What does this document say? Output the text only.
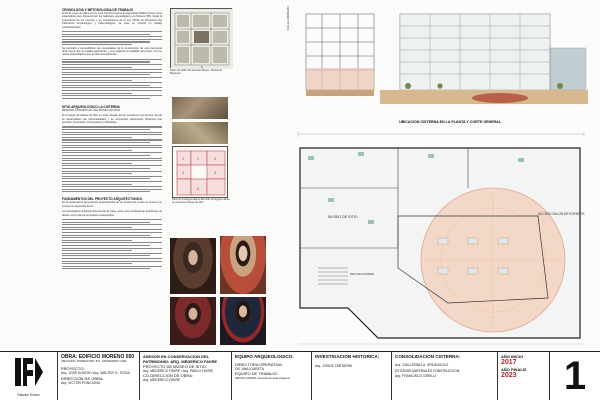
CRONOLOGIA Y METODOLOGIA DE TRABAJO
El 30 de enero de 2013 el Arq. José Kohon convoca al arqueólogo Médico Favre como especialista para inspeccionar los hallazgos arqueológicos en Moreno 550. Dada la importancia de los mismos, y en cumplimiento de la Ley 25743 de Protección del Patrimonio Arqueológico y Paleontológico, se puso en marcha un trabajo interdisciplinario.
Se procedió a compatibilizar las necesidades de la construcción de una importante obra nueva que se estaba ejecutando, y que requería la totalidad del predio, con los restos arqueológicos que se iban descubriendo.
SITIO ARQUEOLOGICO LA CISTERNA
MEMORIA CONCEPTUAL DEL MUSEO DE SITIO
El concepto de Museo de Sitio es estar situado donde sucedieron los hechos, donde se desarrollaron las personalidades y se encuentran testimonios históricos que permiten conocerlos, interpretarlos y difundirlos.
FUNDAMENTOS DEL PROYECTO ARQUITECTONICO
En la restauración del proyecto arquitectónico de los fondos del museo se tuvieron en cuenta los siguientes ítems:
La investigación histórica documental de base, tanto para fundamentar decisiones de diseño como para la propuesta museográfica.
N
Plano de 1867 del area del Museo. Planta de Manzana
1	2	3
4	5
6
Plano de la antigua casa de Bernardo de Irigoyen donde se encuentra el Museo de Sitio
CALLE MORENO
UBICACION CISTERNA EN LA PLANTA Y CORTE GENERAL
MUSEO DE SITIO
ACCESO SALON DE EVENTOS
PROYECCIONES
Estudio Kohon
OBRA: EDIFICIO MORENO 550
UBICACION: MORENO 550 / 572 - MONSERRAT CABA
PROYECTO:
Arq. JOSE KOHON / Arq. WALTER G. TROIA
DIRECCION DE OBRA:
Arq. VICTOR PONCIONO
ASESOR EN CONSERVACION DEL PATRIMONIO: ARQ. MEDERICO FAVRE
PROYECTO DE MUSEO DE SITIO:
Arq. MEDERICO FAVRE / Arq. PABLO FAVRE
CO-DIRECCION DE OBRA:
Arq. MEDERICO FAVRE
EQUIPO ARQUEOLOGICO:
DIRECTORA OPERATIVA:
DR. ANA IGARETA
EQUIPO DE TRABAJO:
GRUPO ADAMO Consultores arqueológicos
INVESTIGACION HISTORICA:
Arq. JORGE TARTARINI
CONSOLIDACION CISTERNA:
Arq. GUILLERMO A. SPAGNUOLO
ESTUDIOS MATERIALES CONSTRUCCION:
Arq. FRANCISCO GIRELLI
AÑO INICIO
2017
AÑO FINALIZ
2023	1
